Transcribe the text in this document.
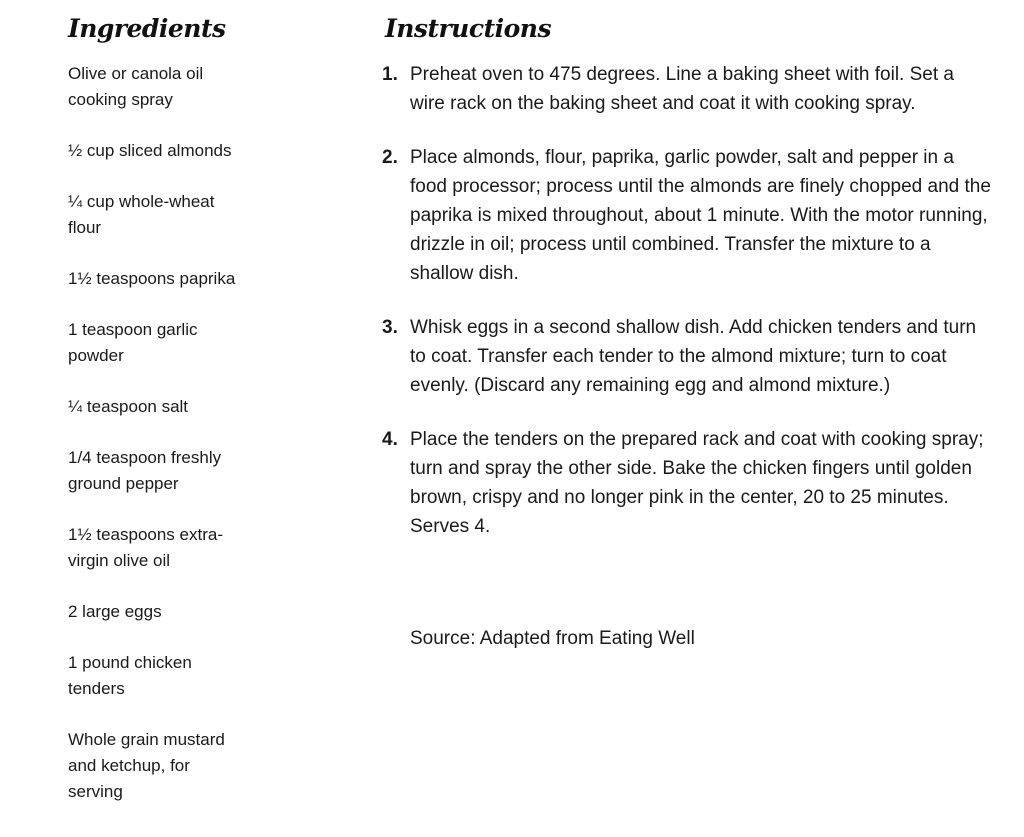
Ingredients
Olive or canola oil cooking spray
½ cup sliced almonds
¼ cup whole-wheat flour
1½ teaspoons paprika
1 teaspoon garlic powder
¼ teaspoon salt
1/4 teaspoon freshly ground pepper
1½ teaspoons extra-virgin olive oil
2 large eggs
1 pound chicken tenders
Whole grain mustard and ketchup, for serving
Instructions
1. Preheat oven to 475 degrees. Line a baking sheet with foil. Set a wire rack on the baking sheet and coat it with cooking spray.
2. Place almonds, flour, paprika, garlic powder, salt and pepper in a food processor; process until the almonds are finely chopped and the paprika is mixed throughout, about 1 minute. With the motor running, drizzle in oil; process until combined. Transfer the mixture to a shallow dish.
3. Whisk eggs in a second shallow dish. Add chicken tenders and turn to coat. Transfer each tender to the almond mixture; turn to coat evenly. (Discard any remaining egg and almond mixture.)
4. Place the tenders on the prepared rack and coat with cooking spray; turn and spray the other side. Bake the chicken fingers until golden brown, crispy and no longer pink in the center, 20 to 25 minutes. Serves 4.

Source: Adapted from Eating Well
